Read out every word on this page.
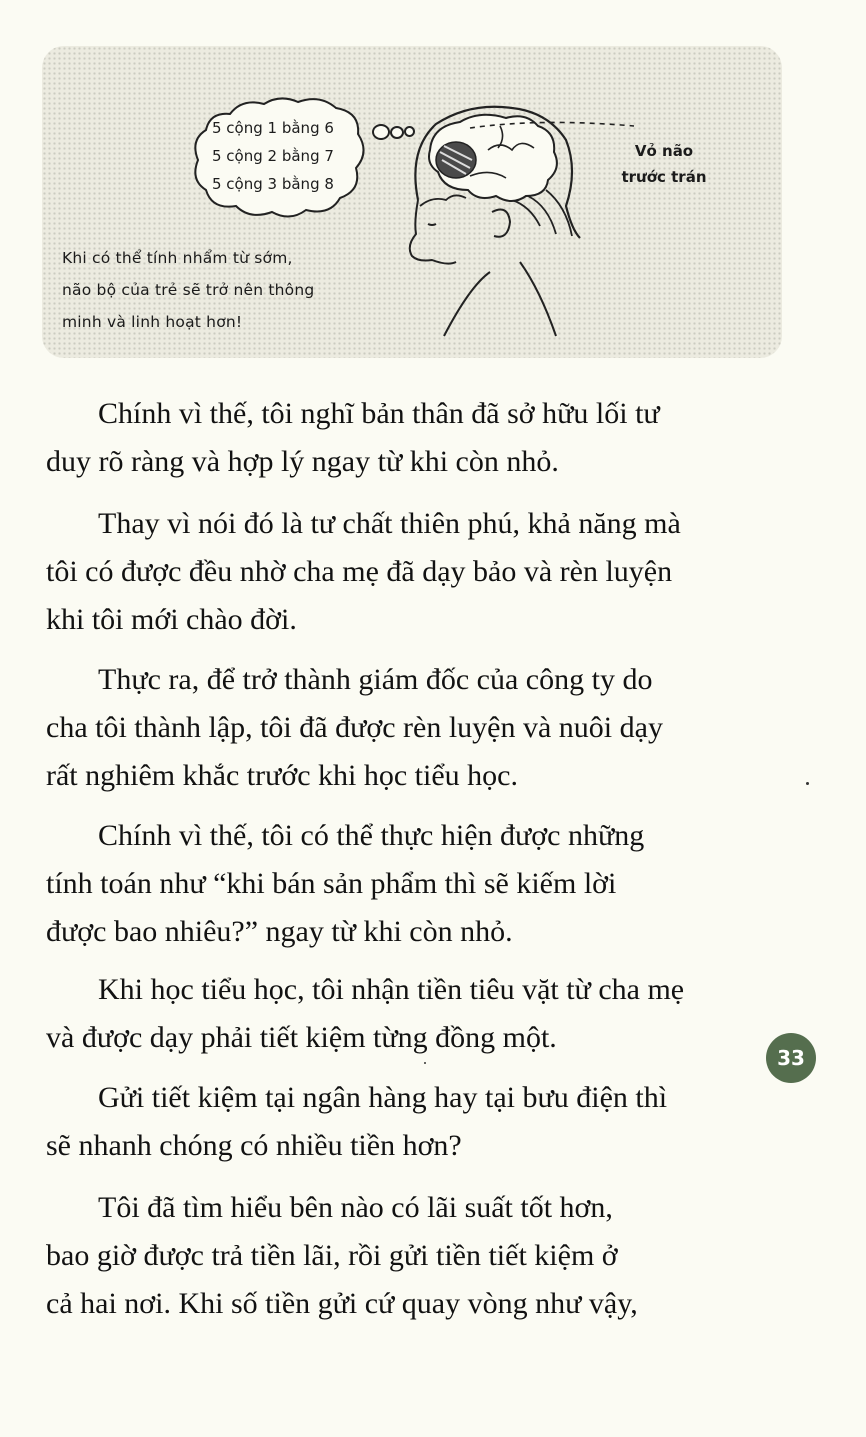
5 cộng 1 bằng 6
5 cộng 2 bằng 7
5 cộng 3 bằng 8
Khi có thể tính nhẩm từ sớm,
não bộ của trẻ sẽ trở nên thông
minh và linh hoạt hơn!
Vỏ não
trước trán
Chính vì thế, tôi nghĩ bản thân đã sở hữu lối tư
duy rõ ràng và hợp lý ngay từ khi còn nhỏ.
Thay vì nói đó là tư chất thiên phú, khả năng mà
tôi có được đều nhờ cha mẹ đã dạy bảo và rèn luyện
khi tôi mới chào đời.
Thực ra, để trở thành giám đốc của công ty do
cha tôi thành lập, tôi đã được rèn luyện và nuôi dạy
rất nghiêm khắc trước khi học tiểu học.
Chính vì thế, tôi có thể thực hiện được những
tính toán như “khi bán sản phẩm thì sẽ kiếm lời
được bao nhiêu?” ngay từ khi còn nhỏ.
Khi học tiểu học, tôi nhận tiền tiêu vặt từ cha mẹ
và được dạy phải tiết kiệm từng đồng một.
Gửi tiết kiệm tại ngân hàng hay tại bưu điện thì
sẽ nhanh chóng có nhiều tiền hơn?
Tôi đã tìm hiểu bên nào có lãi suất tốt hơn,
bao giờ được trả tiền lãi, rồi gửi tiền tiết kiệm ở
cả hai nơi. Khi số tiền gửi cứ quay vòng như vậy,
33
